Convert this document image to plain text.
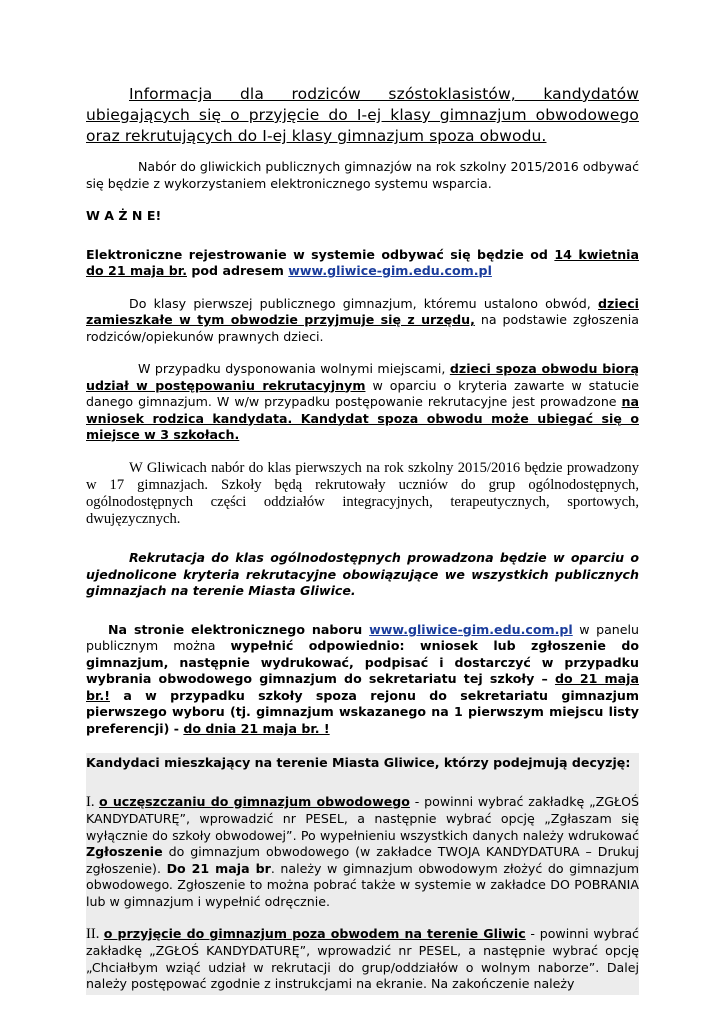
Informacja dla rodziców szóstoklasistów, kandydatów ubiegających się o przyjęcie do I-ej klasy gimnazjum obwodowego oraz rekrutujących do I-ej klasy gimnazjum spoza obwodu.

Nabór do gliwickich publicznych gimnazjów na rok szkolny 2015/2016 odbywać się będzie z wykorzystaniem elektronicznego systemu wsparcia.

W A Ż N E!

Elektroniczne rejestrowanie w systemie odbywać się będzie od 14 kwietnia do 21 maja br. pod adresem www.gliwice-gim.edu.com.pl

Do klasy pierwszej publicznego gimnazjum, któremu ustalono obwód, dzieci zamieszkałe w tym obwodzie przyjmuje się z urzędu, na podstawie zgłoszenia rodziców/opiekunów prawnych dzieci.

W przypadku dysponowania wolnymi miejscami, dzieci spoza obwodu biorą udział w postępowaniu rekrutacyjnym w oparciu o kryteria zawarte w statucie danego gimnazjum. W w/w przypadku postępowanie rekrutacyjne jest prowadzone na wniosek rodzica kandydata. Kandydat spoza obwodu może ubiegać się o miejsce w 3 szkołach.

W Gliwicach nabór do klas pierwszych na rok szkolny 2015/2016 będzie prowadzony w 17 gimnazjach. Szkoły będą rekrutowały uczniów do grup ogólnodostępnych, ogólnodostępnych części oddziałów integracyjnych, terapeutycznych, sportowych, dwujęzycznych.

Rekrutacja do klas ogólnodostępnych prowadzona będzie w oparciu o ujednolicone kryteria rekrutacyjne obowiązujące we wszystkich publicznych gimnazjach na terenie Miasta Gliwice.

Na stronie elektronicznego naboru www.gliwice-gim.edu.com.pl w panelu publicznym można wypełnić odpowiednio: wniosek lub zgłoszenie do gimnazjum, następnie wydrukować, podpisać i dostarczyć w przypadku wybrania obwodowego gimnazjum do sekretariatu tej szkoły – do 21 maja br.! a w przypadku szkoły spoza rejonu do sekretariatu gimnazjum pierwszego wyboru (tj. gimnazjum wskazanego na 1 pierwszym miejscu listy preferencji) - do dnia 21 maja br. !

Kandydaci mieszkający na terenie Miasta Gliwice, którzy podejmują decyzję:

I. o uczęszczaniu do gimnazjum obwodowego - powinni wybrać zakładkę „ZGŁOŚ KANDYDATURĘ”, wprowadzić nr PESEL, a następnie wybrać opcję „Zgłaszam się wyłącznie do szkoły obwodowej”. Po wypełnieniu wszystkich danych należy wdrukować Zgłoszenie do gimnazjum obwodowego (w zakładce TWOJA KANDYDATURA – Drukuj zgłoszenie). Do 21 maja br. należy w gimnazjum obwodowym złożyć do gimnazjum obwodowego. Zgłoszenie to można pobrać także w systemie w zakładce DO POBRANIA lub w gimnazjum i wypełnić odręcznie.

II. o przyjęcie do gimnazjum poza obwodem na terenie Gliwic - powinni wybrać zakładkę „ZGŁOŚ KANDYDATURĘ”, wprowadzić nr PESEL, a następnie wybrać opcję „Chciałbym wziąć udział w rekrutacji do grup/oddziałów o wolnym naborze”. Dalej należy postępować zgodnie z instrukcjami na ekranie. Na zakończenie należy
